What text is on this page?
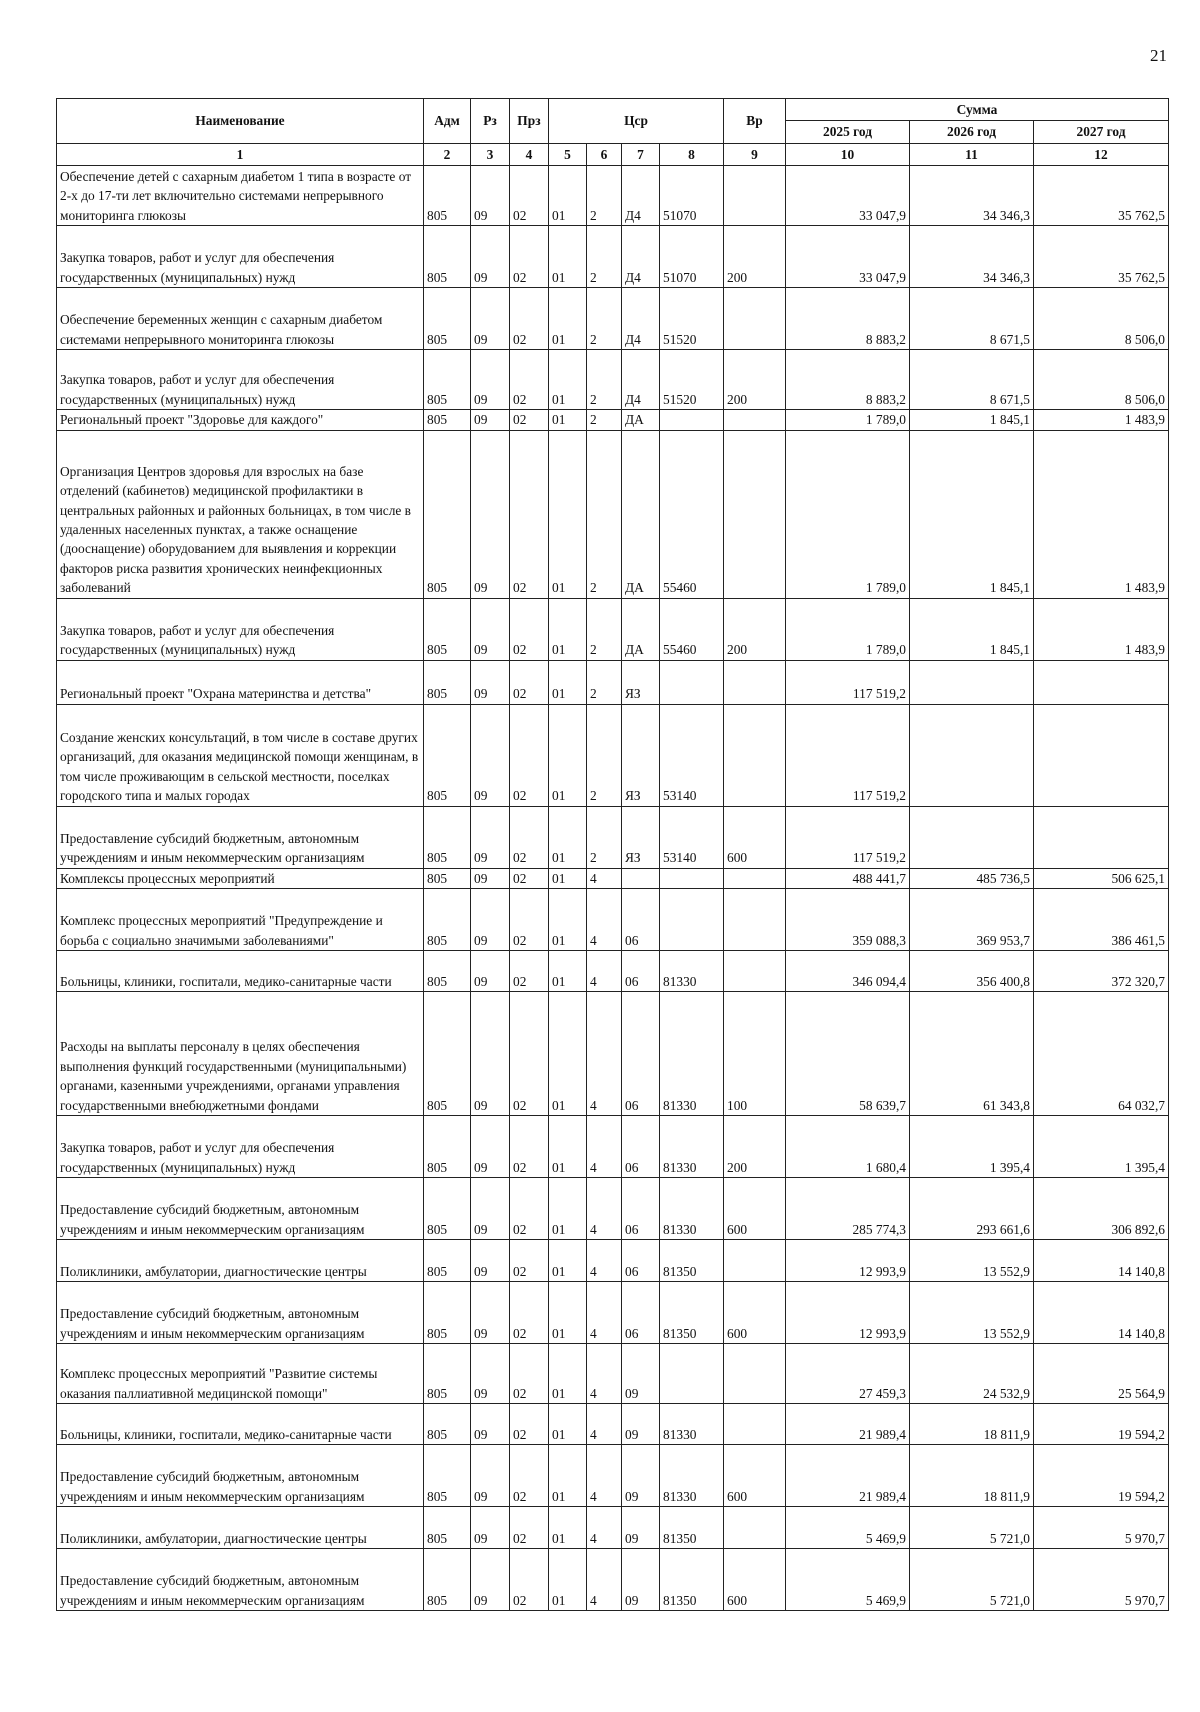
21
Наименование	Адм	Рз	Прз	Цср				Вр	Сумма		
									2025 год	2026 год	2027 год
1	2	3	4	5	6	7	8	9	10	11	12
Обеспечение детей с сахарным диабетом 1 типа в возрасте от 2-х до 17-ти лет включительно системами непрерывного мониторинга глюкозы	805	09	02	01	2	Д4	51070		33 047,9	34 346,3	35 762,5
Закупка товаров, работ и услуг для обеспечения государственных (муниципальных) нужд	805	09	02	01	2	Д4	51070	200	33 047,9	34 346,3	35 762,5
Обеспечение беременных женщин с сахарным диабетом системами непрерывного мониторинга глюкозы	805	09	02	01	2	Д4	51520		8 883,2	8 671,5	8 506,0
Закупка товаров, работ и услуг для обеспечения государственных (муниципальных) нужд	805	09	02	01	2	Д4	51520	200	8 883,2	8 671,5	8 506,0
Региональный проект "Здоровье для каждого"	805	09	02	01	2	ДА			1 789,0	1 845,1	1 483,9
Организация Центров здоровья для взрослых на базе отделений (кабинетов) медицинской профилактики в центральных районных и районных больницах, в том числе в удаленных населенных пунктах, а также оснащение (дооснащение) оборудованием для выявления и коррекции факторов риска развития хронических неинфекционных заболеваний	805	09	02	01	2	ДА	55460		1 789,0	1 845,1	1 483,9
Закупка товаров, работ и услуг для обеспечения государственных (муниципальных) нужд	805	09	02	01	2	ДА	55460	200	1 789,0	1 845,1	1 483,9
Региональный проект "Охрана материнства и детства"	805	09	02	01	2	ЯЗ			117 519,2		
Создание женских консультаций, в том числе в составе других организаций, для оказания медицинской помощи женщинам, в том числе проживающим в сельской местности, поселках городского типа и малых городах	805	09	02	01	2	ЯЗ	53140		117 519,2		
Предоставление субсидий бюджетным, автономным учреждениям и иным некоммерческим организациям	805	09	02	01	2	ЯЗ	53140	600	117 519,2		
Комплексы процессных мероприятий	805	09	02	01	4				488 441,7	485 736,5	506 625,1
Комплекс процессных мероприятий "Предупреждение и борьба с социально значимыми заболеваниями"	805	09	02	01	4	06			359 088,3	369 953,7	386 461,5
Больницы, клиники, госпитали, медико-санитарные части	805	09	02	01	4	06	81330		346 094,4	356 400,8	372 320,7
Расходы на выплаты персоналу в целях обеспечения выполнения функций государственными (муниципальными) органами, казенными учреждениями, органами управления государственными внебюджетными фондами	805	09	02	01	4	06	81330	100	58 639,7	61 343,8	64 032,7
Закупка товаров, работ и услуг для обеспечения государственных (муниципальных) нужд	805	09	02	01	4	06	81330	200	1 680,4	1 395,4	1 395,4
Предоставление субсидий бюджетным, автономным учреждениям и иным некоммерческим организациям	805	09	02	01	4	06	81330	600	285 774,3	293 661,6	306 892,6
Поликлиники, амбулатории, диагностические центры	805	09	02	01	4	06	81350		12 993,9	13 552,9	14 140,8
Предоставление субсидий бюджетным, автономным учреждениям и иным некоммерческим организациям	805	09	02	01	4	06	81350	600	12 993,9	13 552,9	14 140,8
Комплекс процессных мероприятий "Развитие системы оказания паллиативной медицинской помощи"	805	09	02	01	4	09			27 459,3	24 532,9	25 564,9
Больницы, клиники, госпитали, медико-санитарные части	805	09	02	01	4	09	81330		21 989,4	18 811,9	19 594,2
Предоставление субсидий бюджетным, автономным учреждениям и иным некоммерческим организациям	805	09	02	01	4	09	81330	600	21 989,4	18 811,9	19 594,2
Поликлиники, амбулатории, диагностические центры	805	09	02	01	4	09	81350		5 469,9	5 721,0	5 970,7
Предоставление субсидий бюджетным, автономным учреждениям и иным некоммерческим организациям	805	09	02	01	4	09	81350	600	5 469,9	5 721,0	5 970,7
